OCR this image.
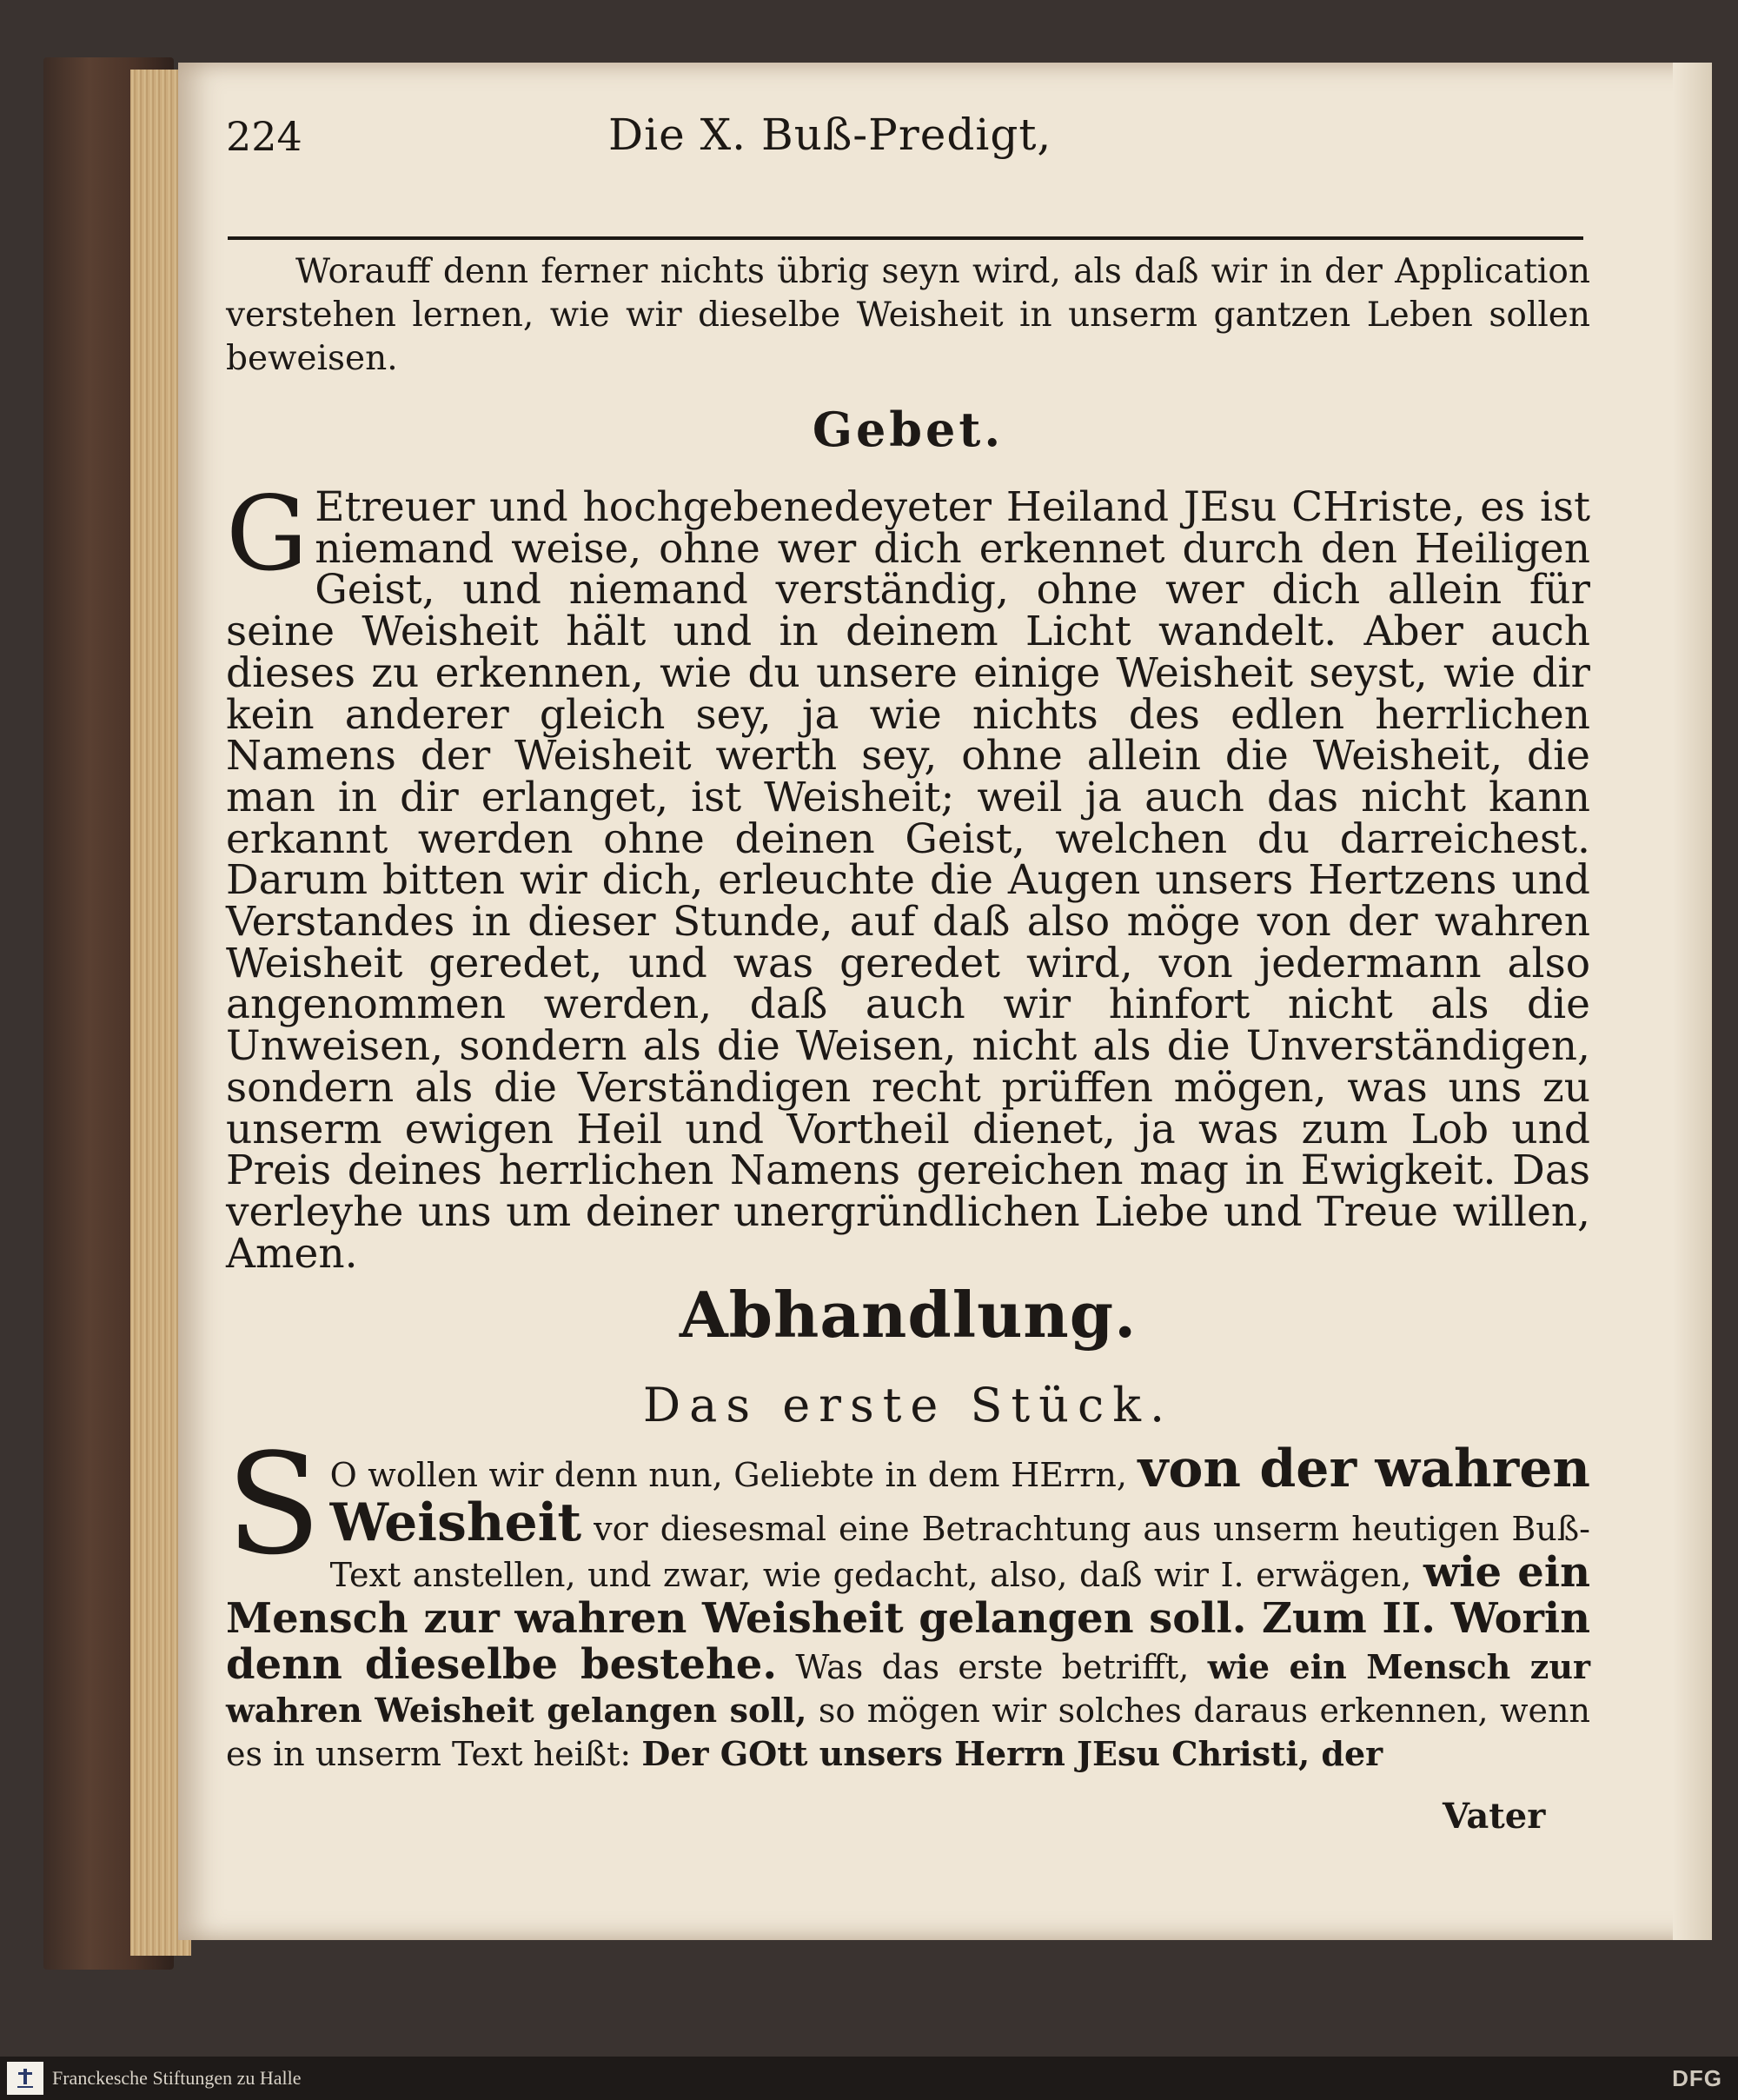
224	Die X. Buß-Predigt,

Worauff denn ferner nichts übrig seyn wird, als daß wir in der Application verstehen lernen, wie wir dieselbe Weisheit in unserm gantzen Leben sollen beweisen.

Gebet.
G Etreuer und hochgebenedeyeter Heiland JEsu CHriste, es ist niemand weise, ohne wer dich erkennet durch den Heiligen Geist, und niemand verständig, ohne wer dich allein für seine Weisheit hält und in deinem Licht wandelt. Aber auch dieses zu erkennen, wie du unsere einige Weisheit seyst, wie dir kein anderer gleich sey, ja wie nichts des edlen herrlichen Namens der Weisheit werth sey, ohne allein die Weisheit, die man in dir erlanget, ist Weisheit; weil ja auch das nicht kann erkannt werden ohne deinen Geist, welchen du darreichest. Darum bitten wir dich, erleuchte die Augen unsers Hertzens und Verstandes in dieser Stunde, auf daß also möge von der wahren Weisheit geredet, und was geredet wird, von jedermann also angenommen werden, daß auch wir hinfort nicht als die Unweisen, sondern als die Weisen, nicht als die Unverständigen, sondern als die Verständigen recht prüffen mögen, was uns zu unserm ewigen Heil und Vortheil dienet, ja was zum Lob und Preis deines herrlichen Namens gereichen mag in Ewigkeit. Das verleyhe uns um deiner unergründlichen Liebe und Treue willen, Amen.
Abhandlung.
Das erste Stück.
S O wollen wir denn nun, Geliebte in dem HErrn, von der wahren Weisheit vor diesesmal eine Betrachtung aus unserm heutigen Buß-Text anstellen, und zwar, wie gedacht, also, daß wir I. erwägen, wie ein Mensch zur wahren Weisheit gelangen soll. Zum II. Worin denn dieselbe bestehe. Was das erste betrifft, wie ein Mensch zur wahren Weisheit gelangen soll, so mögen wir solches daraus erkennen, wenn es in unserm Text heißt: Der GOtt unsers Herrn JEsu Christi, der
Vater
Franckesche Stiftungen zu Halle	DFG
